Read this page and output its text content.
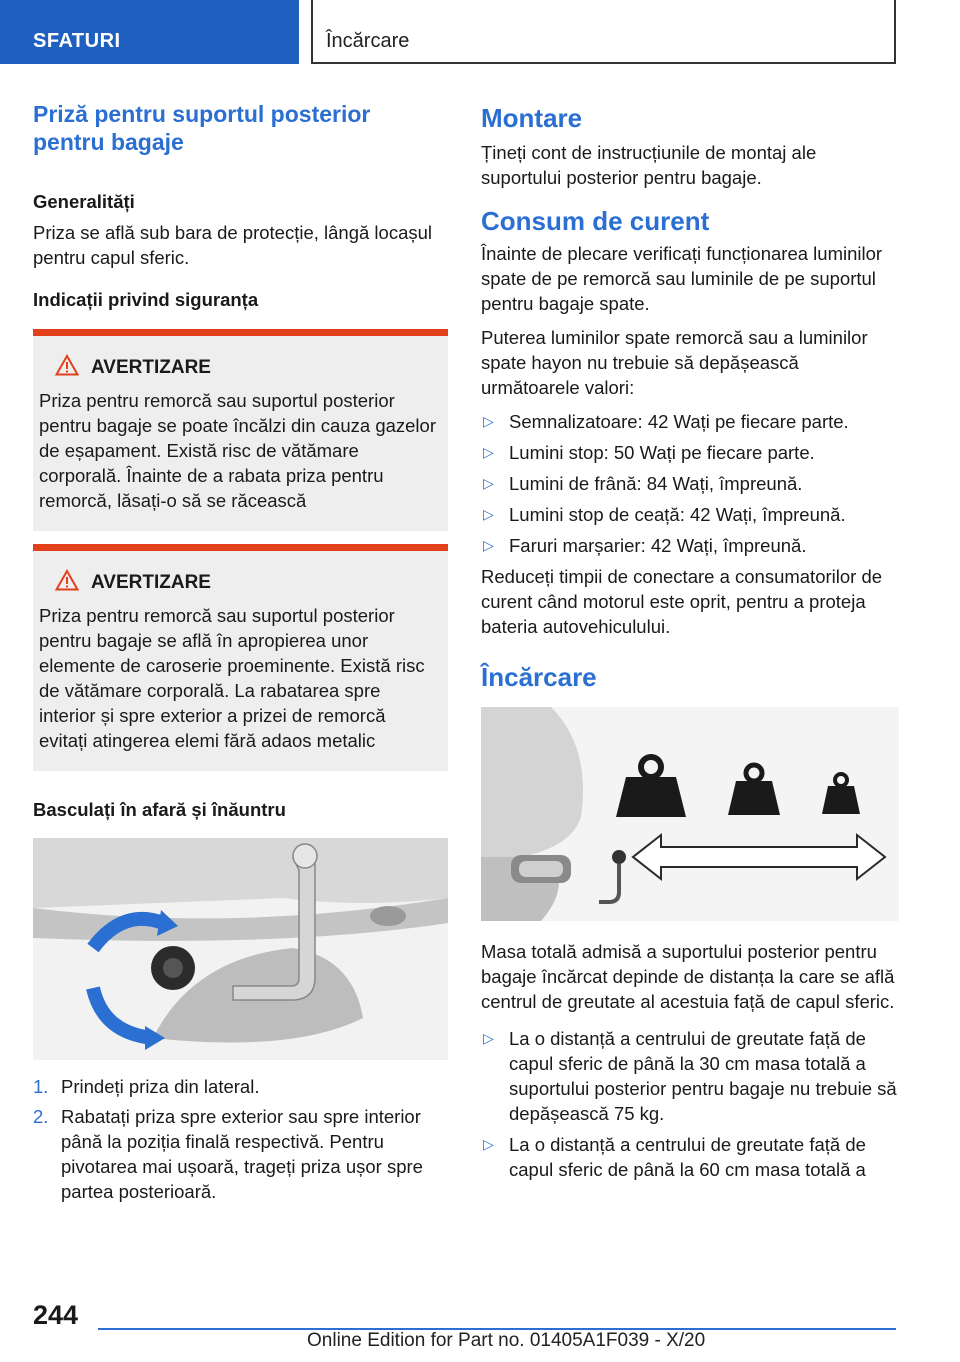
SFATURI	Încărcare
Priză pentru suportul posterior pentru bagaje
Generalități
Priza se află sub bara de protecție, lângă locașul pentru capul sferic.
Indicații privind siguranța
AVERTIZARE
Priza pentru remorcă sau suportul posterior pentru bagaje se poate încălzi din cauza gazelor de eșapament. Există risc de vătămare corporală. Înainte de a rabata priza pentru remorcă, lăsați-o să se răcească
AVERTIZARE
Priza pentru remorcă sau suportul posterior pentru bagaje se află în apropierea unor elemente de caroserie proeminente. Există risc de vătămare corporală. La rabatarea spre interior și spre exterior a prizei de remorcă evitați atingerea elemi fără adaos metalic
Basculați în afară și înăuntru
1. Prindeți priza din lateral.
2. Rabatați priza spre exterior sau spre interior până la poziția finală respectivă. Pentru pivotarea mai ușoară, trageți priza ușor spre partea posterioară.
Montare
Țineți cont de instrucțiunile de montaj ale suportului posterior pentru bagaje.
Consum de curent
Înainte de plecare verificați funcționarea luminilor spate de pe remorcă sau luminile de pe suportul pentru bagaje spate.
Puterea luminilor spate remorcă sau a luminilor spate hayon nu trebuie să depășească următoarele valori:
▷ Semnalizatoare: 42 Wați pe fiecare parte.
▷ Lumini stop: 50 Wați pe fiecare parte.
▷ Lumini de frână: 84 Wați, împreună.
▷ Lumini stop de ceață: 42 Wați, împreună.
▷ Faruri marșarier: 42 Wați, împreună.
Reduceți timpii de conectare a consumatorilor de curent când motorul este oprit, pentru a proteja bateria autovehiculului.
Încărcare
Masa totală admisă a suportului posterior pentru bagaje încărcat depinde de distanța la care se află centrul de greutate al acestuia față de capul sferic.
▷ La o distanță a centrului de greutate față de capul sferic de până la 30 cm masa totală a suportului posterior pentru bagaje nu trebuie să depășească 75 kg.
▷ La o distanță a centrului de greutate față de capul sferic de până la 60 cm masa totală a
244
Online Edition for Part no. 01405A1F039 - X/20
